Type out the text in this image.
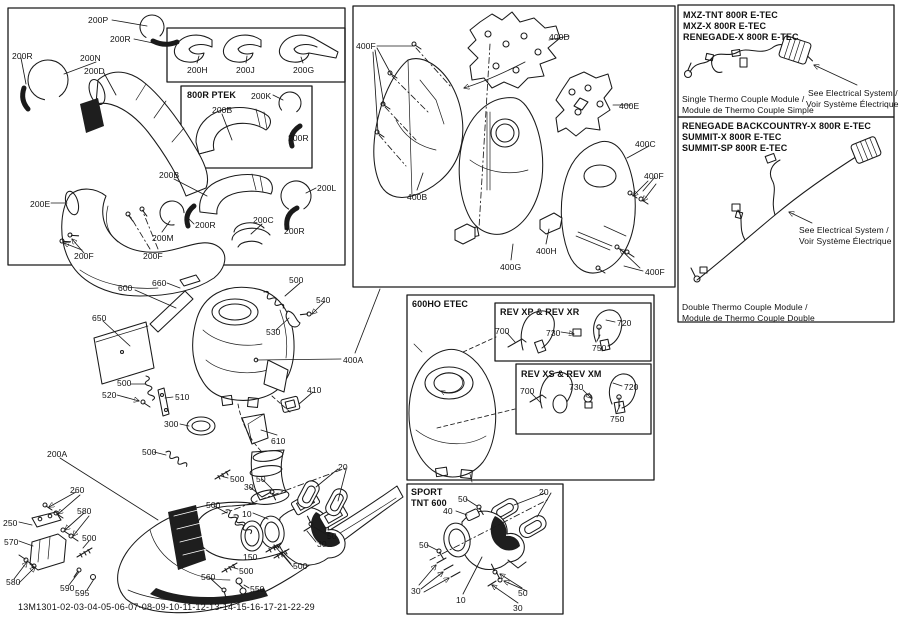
200P
200R
200R	200N
200D
200E
200F	200F
200M
200R
200B
200L
200C
200R
200H	200J	200G
800R PTEK
200B
200K
200R
400F
400D
400E
400C
400F
400B
400H
400G	400F
400A
MXZ-TNT 800R E-TEC
MXZ-X 800R E-TEC
RENEGADE-X 800R E-TEC
See Electrical System /
Voir Système Électrique
Single Thermo Couple Module /
Module de Thermo Couple Simple
RENEGADE BACKCOUNTRY-X 800R E-TEC
SUMMIT-X 800R E-TEC
SUMMIT-SP 800R E-TEC
See Electrical System /
Voir Système Électrique
Double Thermo Couple Module /
Module de Thermo Couple Double
600HO ETEC
REV XP & REV XR
700	730
720
750
REV XS & REV XM
700	730	720
750
SPORT
TNT 600
20
50
40
50
30
10
50
30
600 660
650
500
540
530
500
520	510
300
410
610
200A	500
500
500
260
250
570
580
500
580
590 595
560
550
500
10
150
500
50
30
20
50
30
13M1301-02-03-04-05-06-07-08-09-10-11-12-13-14-15-16-17-21-22-29
